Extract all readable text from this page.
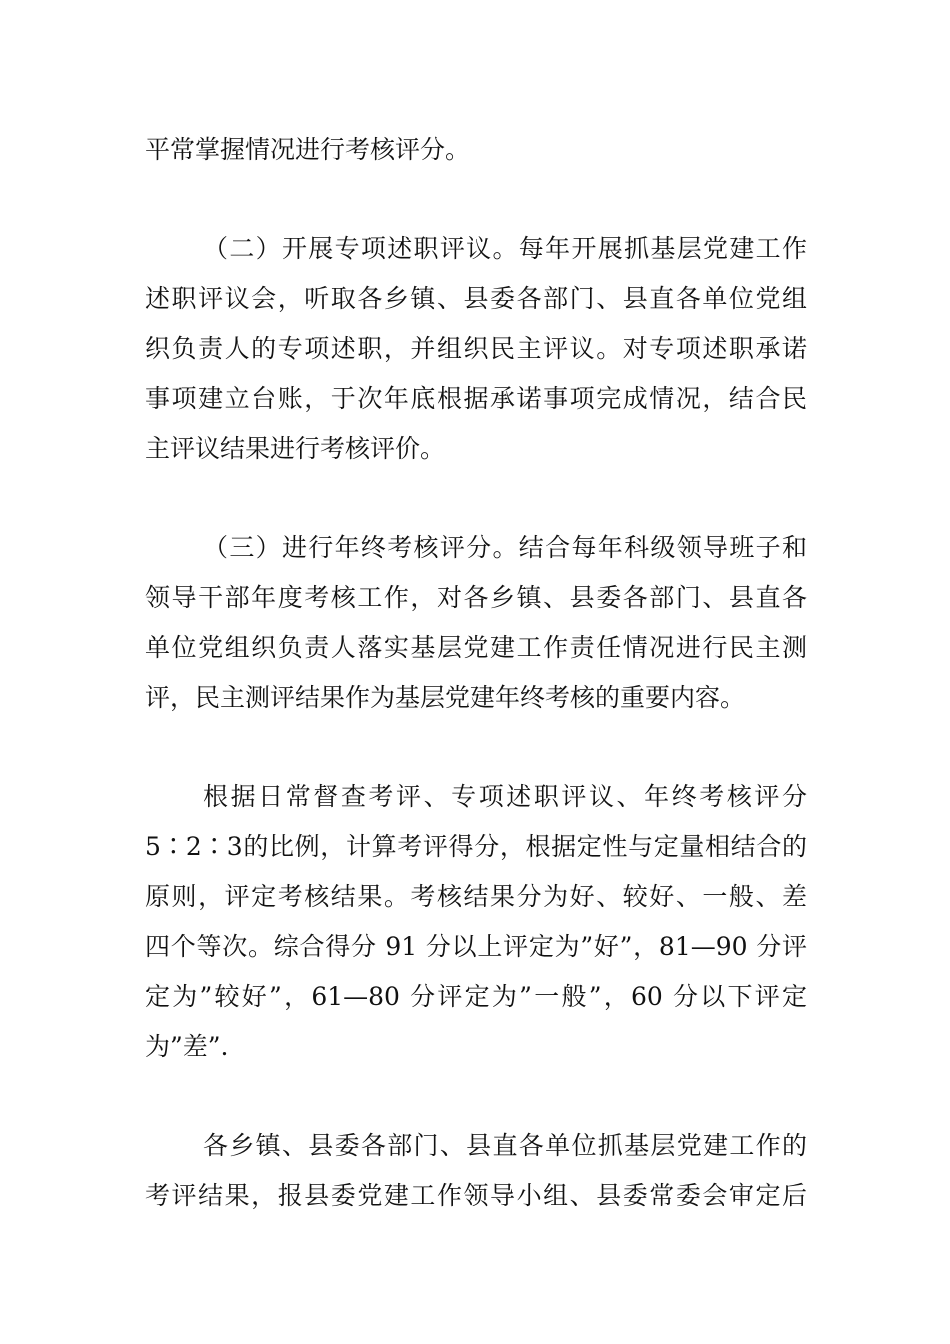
平常掌握情况进行考核评分。
（二）开展专项述职评议。每年开展抓基层党建工作
述职评议会，听取各乡镇、县委各部门、县直各单位党组
织负责人的专项述职，并组织民主评议。对专项述职承诺
事项建立台账，于次年底根据承诺事项完成情况，结合民
主评议结果进行考核评价。
（三）进行年终考核评分。结合每年科级领导班子和
领导干部年度考核工作，对各乡镇、县委各部门、县直各
单位党组织负责人落实基层党建工作责任情况进行民主测
评，民主测评结果作为基层党建年终考核的重要内容。
根据日常督查考评、专项述职评议、年终考核评分
5∶2∶3的比例，计算考评得分，根据定性与定量相结合的
原则，评定考核结果。考核结果分为好、较好、一般、差
四个等次。综合得分 91 分以上评定为”好”，81—90 分评
定为”较好”，61—80 分评定为”一般”，60 分以下评定
为”差”.
各乡镇、县委各部门、县直各单位抓基层党建工作的
考评结果，报县委党建工作领导小组、县委常委会审定后
